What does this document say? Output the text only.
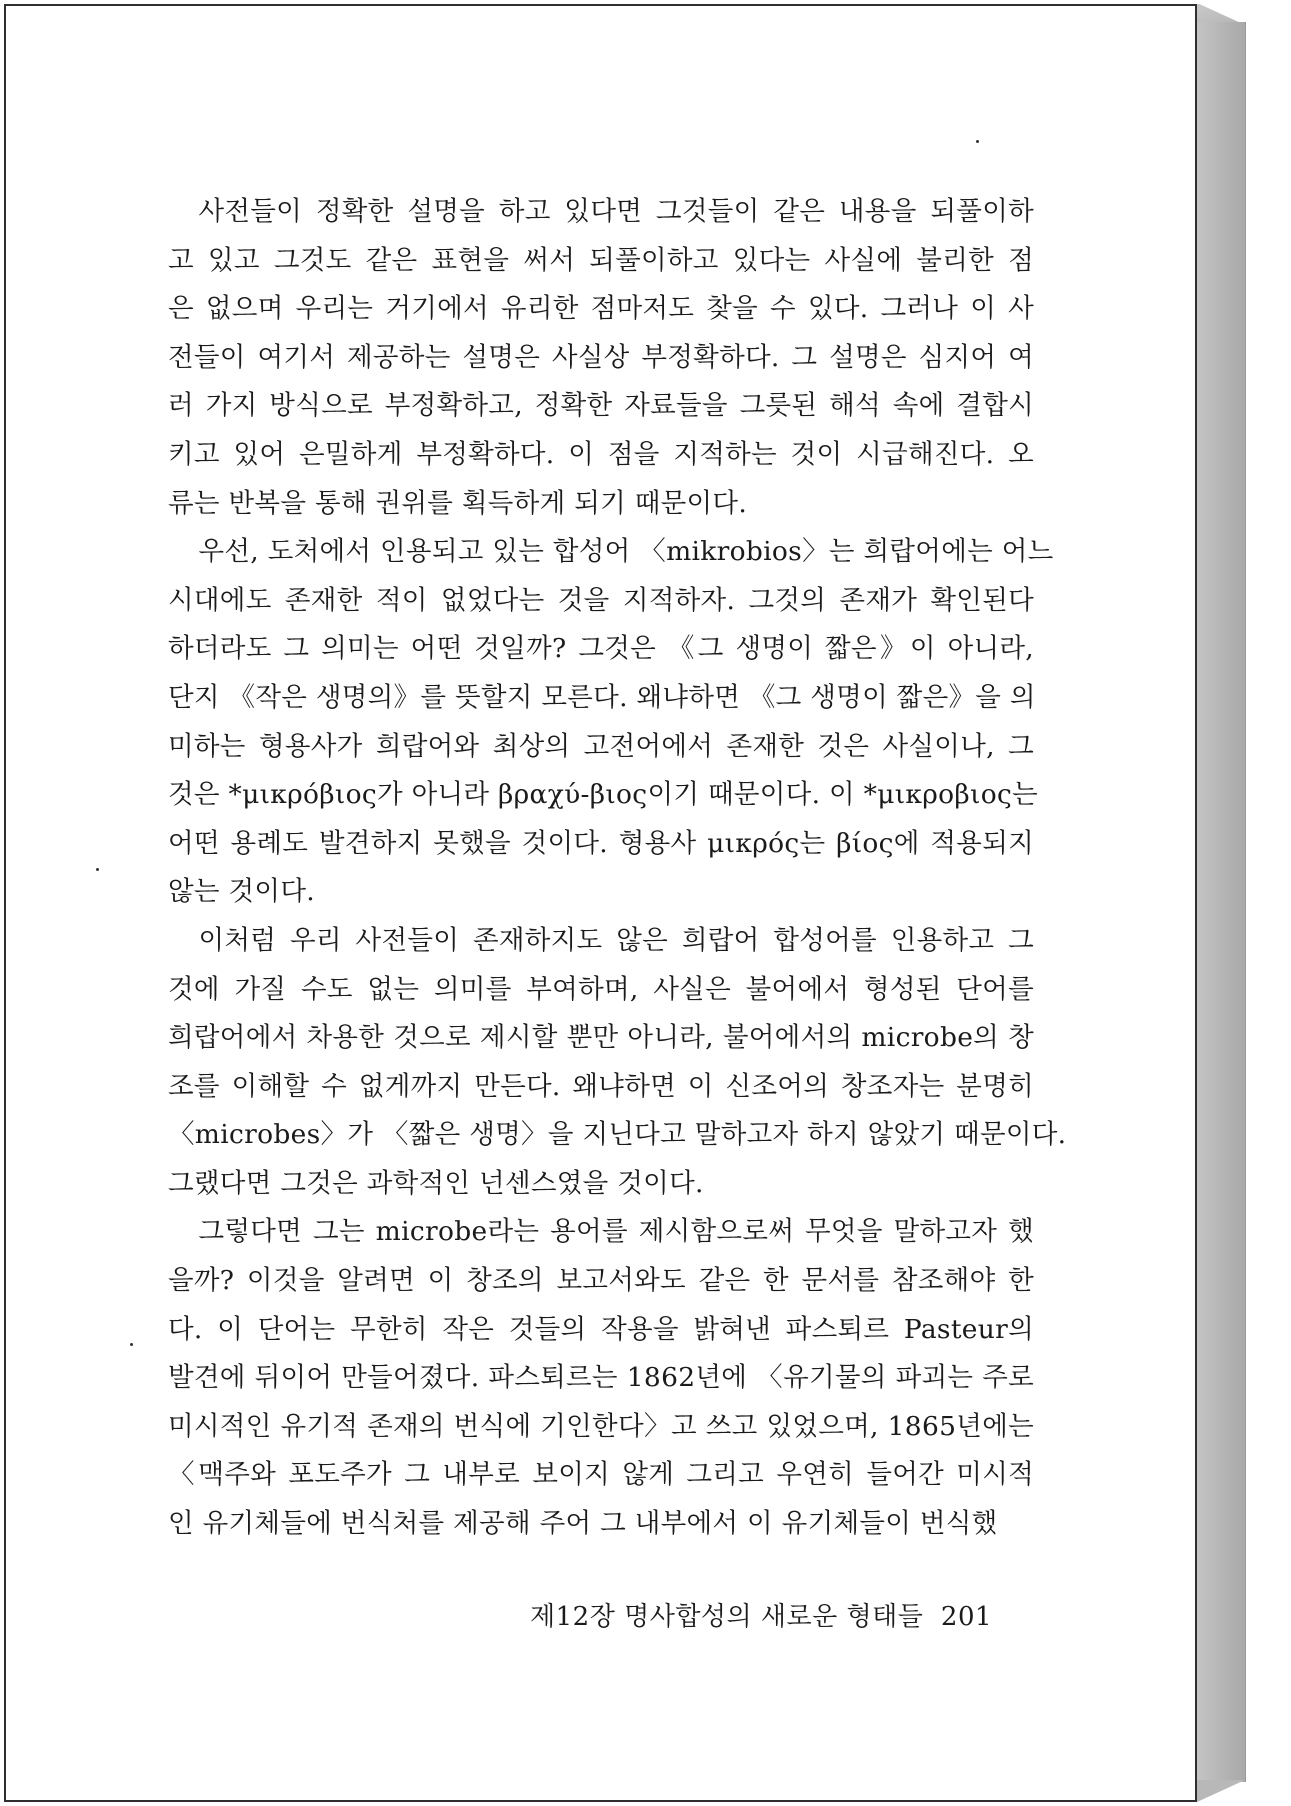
사전들이 정확한 설명을 하고 있다면 그것들이 같은 내용을 되풀이하
고 있고 그것도 같은 표현을 써서 되풀이하고 있다는 사실에 불리한 점
은 없으며 우리는 거기에서 유리한 점마저도 찾을 수 있다. 그러나 이 사
전들이 여기서 제공하는 설명은 사실상 부정확하다. 그 설명은 심지어 여
러 가지 방식으로 부정확하고, 정확한 자료들을 그릇된 해석 속에 결합시
키고 있어 은밀하게 부정확하다. 이 점을 지적하는 것이 시급해진다. 오
류는 반복을 통해 권위를 획득하게 되기 때문이다.
우선, 도처에서 인용되고 있는 합성어 〈mikrobios〉는 희랍어에는 어느
시대에도 존재한 적이 없었다는 것을 지적하자. 그것의 존재가 확인된다
하더라도 그 의미는 어떤 것일까? 그것은 《그 생명이 짧은》이 아니라,
단지 《작은 생명의》를 뜻할지 모른다. 왜냐하면 《그 생명이 짧은》을 의
미하는 형용사가 희랍어와 최상의 고전어에서 존재한 것은 사실이나, 그
것은 *μικρόβιος가 아니라 βραχύ-βιος이기 때문이다. 이 *μικροβιος는
어떤 용례도 발견하지 못했을 것이다. 형용사 μικρός는 βίος에 적용되지
않는 것이다.
이처럼 우리 사전들이 존재하지도 않은 희랍어 합성어를 인용하고 그
것에 가질 수도 없는 의미를 부여하며, 사실은 불어에서 형성된 단어를
희랍어에서 차용한 것으로 제시할 뿐만 아니라, 불어에서의 microbe의 창
조를 이해할 수 없게까지 만든다. 왜냐하면 이 신조어의 창조자는 분명히
〈microbes〉가 〈짧은 생명〉을 지닌다고 말하고자 하지 않았기 때문이다.
그랬다면 그것은 과학적인 넌센스였을 것이다.
그렇다면 그는 microbe라는 용어를 제시함으로써 무엇을 말하고자 했
을까? 이것을 알려면 이 창조의 보고서와도 같은 한 문서를 참조해야 한
다. 이 단어는 무한히 작은 것들의 작용을 밝혀낸 파스퇴르 Pasteur의
발견에 뒤이어 만들어졌다. 파스퇴르는 1862년에 〈유기물의 파괴는 주로
미시적인 유기적 존재의 번식에 기인한다〉고 쓰고 있었으며, 1865년에는
〈맥주와 포도주가 그 내부로 보이지 않게 그리고 우연히 들어간 미시적
인 유기체들에 번식처를 제공해 주어 그 내부에서 이 유기체들이 번식했
제12장 명사합성의 새로운 형태들 201
